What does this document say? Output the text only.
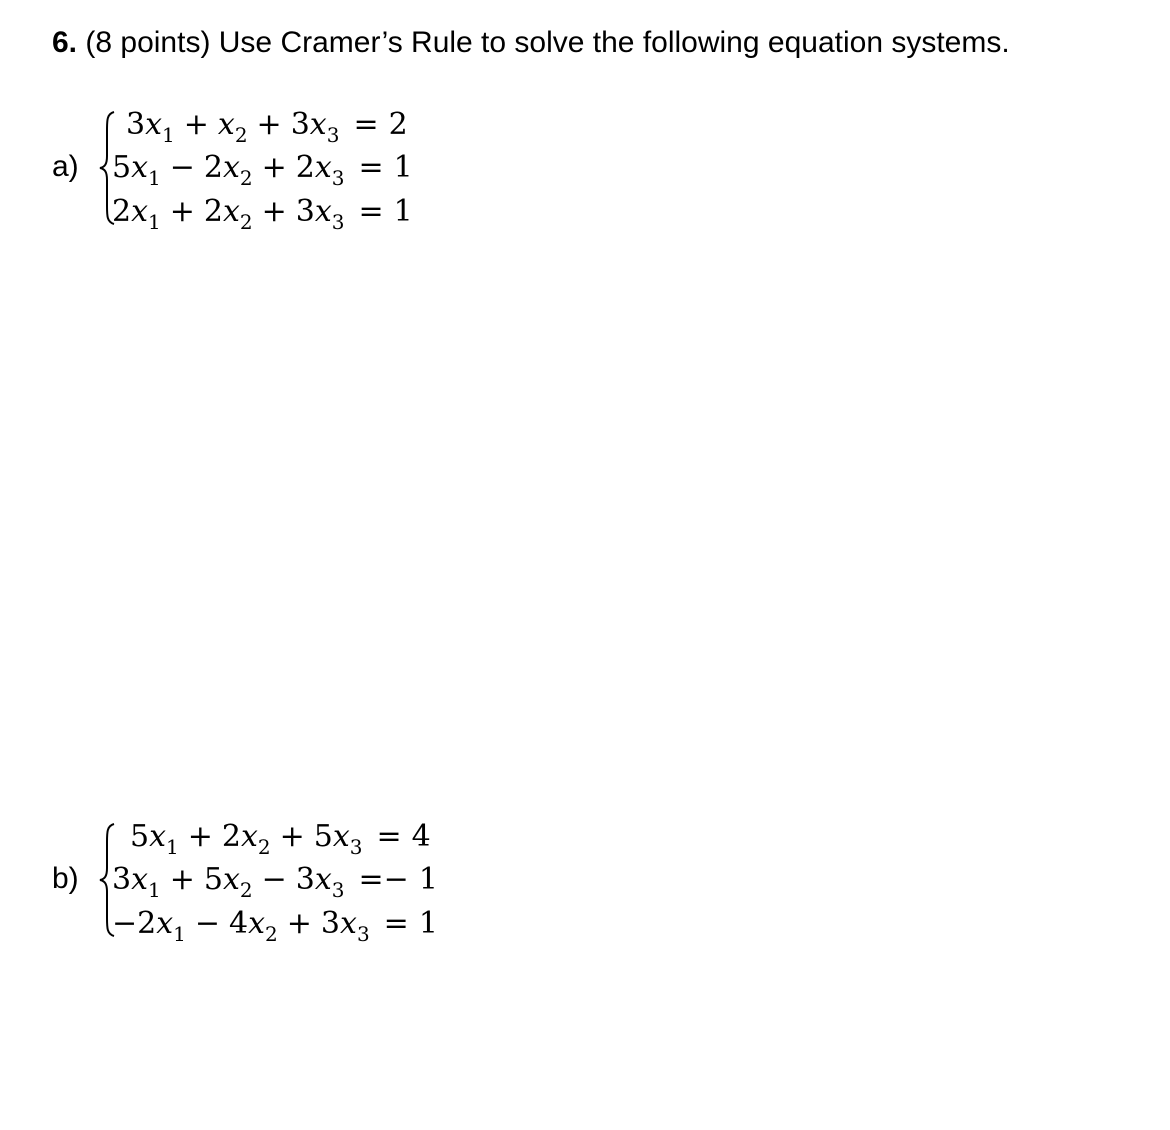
6. (8 points) Use Cramer’s Rule to solve the following equation systems.
a)
$3x_1 + x_2 + 3x_3 = 2$
$5x_1 - 2x_2 + 2x_3 = 1$
$2x_1 + 2x_2 + 3x_3 = 1$
b)
$5x_1 + 2x_2 + 5x_3 = 4$
$3x_1 + 5x_2 - 3x_3 =- 1$
$-2x_1 - 4x_2 + 3x_3 = 1$
